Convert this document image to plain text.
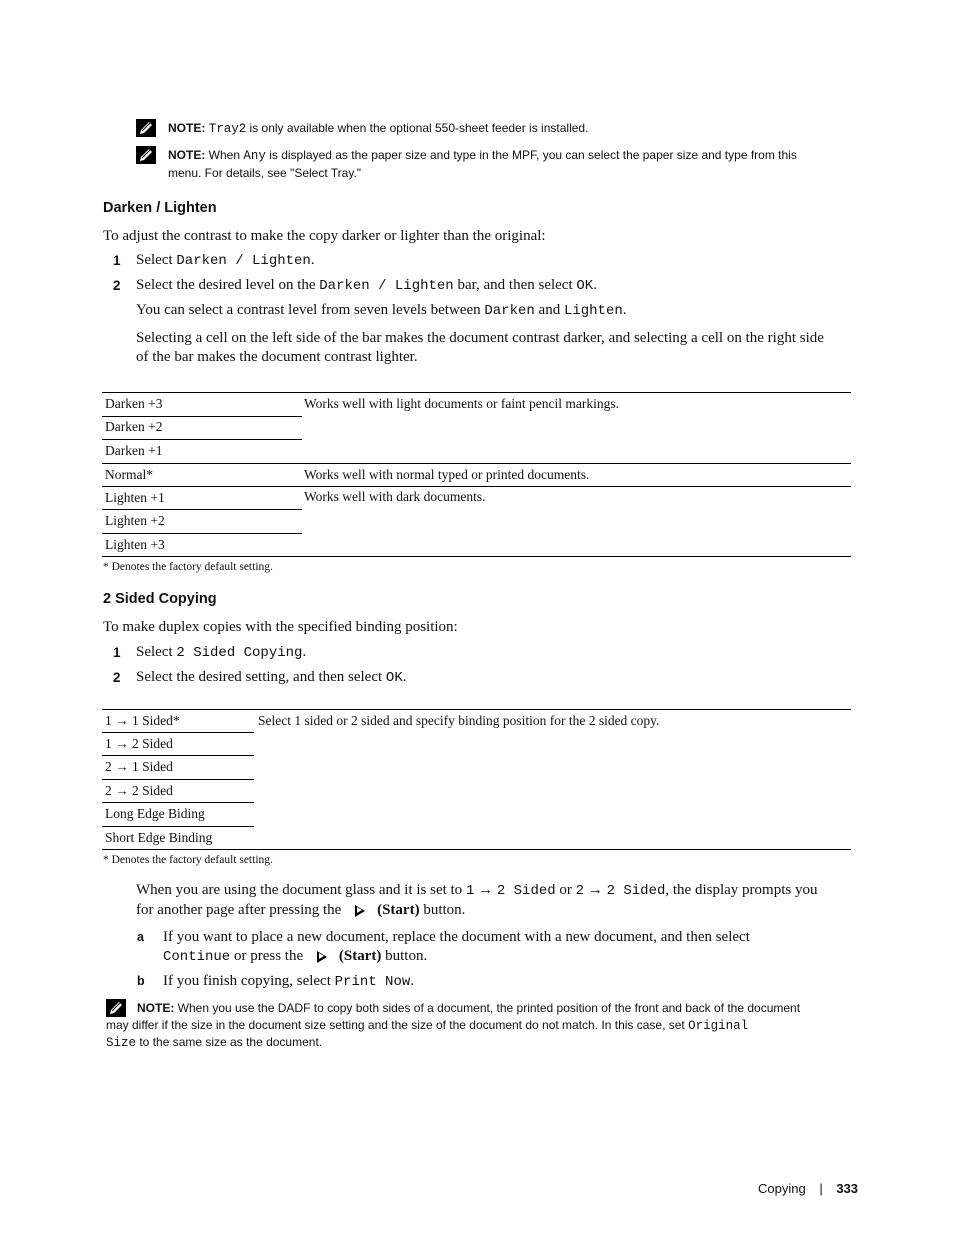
NOTE: Tray2 is only available when the optional 550-sheet feeder is installed.
NOTE: When Any is displayed as the paper size and type in the MPF, you can select the paper size and type from this
menu. For details, see "Select Tray."
Darken / Lighten
To adjust the contrast to make the copy darker or lighter than the original:
1 Select Darken / Lighten.
2 Select the desired level on the Darken / Lighten bar, and then select OK.
You can select a contrast level from seven levels between Darken and Lighten.
Selecting a cell on the left side of the bar makes the document contrast darker, and selecting a cell on the right side
of the bar makes the document contrast lighter.
Darken +3
Darken +2
Darken +1
Normal*
Lighten +1
Lighten +2
Lighten +3
Works well with light documents or faint pencil markings.
Works well with normal typed or printed documents.
Works well with dark documents.
* Denotes the factory default setting.
2 Sided Copying
To make duplex copies with the specified binding position:
1 Select 2 Sided Copying.
2 Select the desired setting, and then select OK.
1 → 1 Sided*
1 → 2 Sided
2 → 1 Sided
2 → 2 Sided
Long Edge Biding
Short Edge Binding
Select 1 sided or 2 sided and specify binding position for the 2 sided copy.
* Denotes the factory default setting.
When you are using the document glass and it is set to 1 → 2 Sided or 2 → 2 Sided, the display prompts you
for another page after pressing the (Start) button.
a If you want to place a new document, replace the document with a new document, and then select
Continue or press the (Start) button.
b If you finish copying, select Print Now.
NOTE: When you use the DADF to copy both sides of a document, the printed position of the front and back of the document
may differ if the size in the document size setting and the size of the document do not match. In this case, set Original
Size to the same size as the document.
Copying | 333
